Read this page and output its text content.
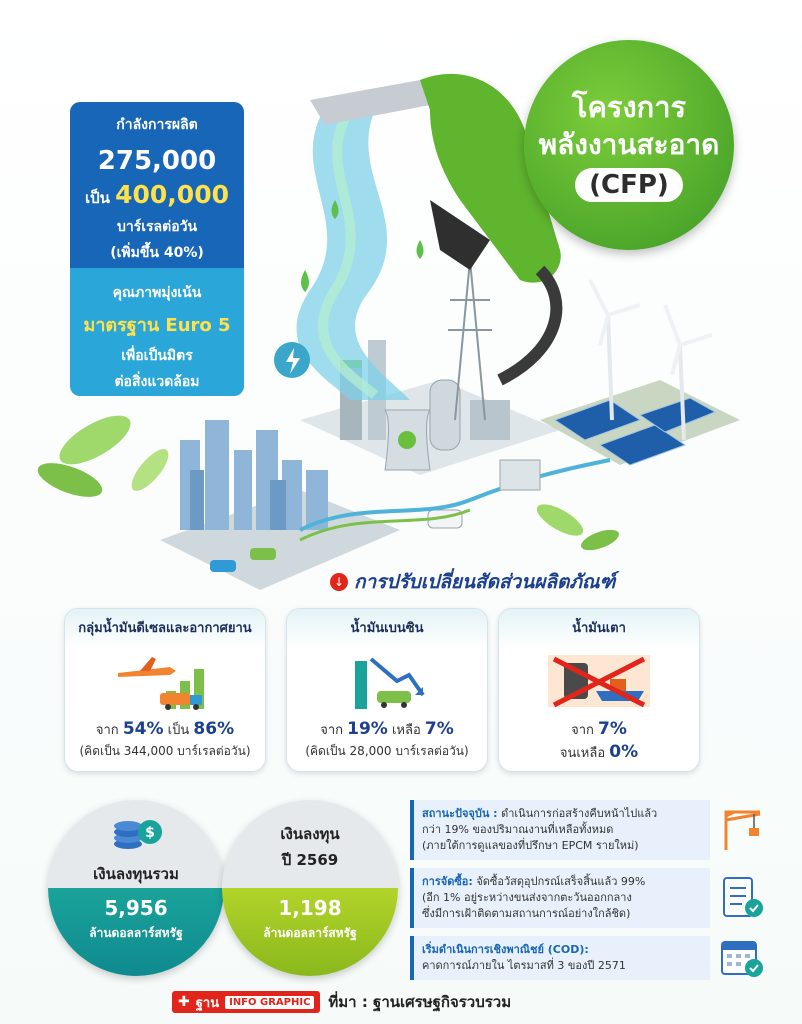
โครงการ
พลังงานสะอาด
(CFP)
กำลังการผลิต
275,000
เป็น 400,000
บาร์เรลต่อวัน
(เพิ่มขึ้น 40%)
คุณภาพมุ่งเน้น
มาตรฐาน Euro 5
เพื่อเป็นมิตร
ต่อสิ่งแวดล้อม
↓ การปรับเปลี่ยนสัดส่วนผลิตภัณฑ์
กลุ่มน้ำมันดีเซลและอากาศยาน
จาก 54% เป็น 86%
(คิดเป็น 344,000 บาร์เรลต่อวัน)
น้ำมันเบนซิน
จาก 19% เหลือ 7%
(คิดเป็น 28,000 บาร์เรลต่อวัน)
น้ำมันเตา
จาก 7%
จนเหลือ 0%
$
เงินลงทุนรวม
5,956
ล้านดอลลาร์สหรัฐ
เงินลงทุน
ปี 2569
1,198
ล้านดอลลาร์สหรัฐ
สถานะปัจจุบัน : ดำเนินการก่อสร้างคืบหน้าไปแล้ว
กว่า 19% ของปริมาณงานที่เหลือทั้งหมด
(ภายใต้การดูแลของที่ปรึกษา EPCM รายใหม่)
การจัดซื้อ: จัดซื้อวัสดุอุปกรณ์เสร็จสิ้นแล้ว 99%
(อีก 1% อยู่ระหว่างขนส่งจากตะวันออกกลาง
ซึ่งมีการเฝ้าติดตามสถานการณ์อย่างใกล้ชิด)
เริ่มดำเนินการเชิงพาณิชย์ (COD):
คาดการณ์ภายใน ไตรมาสที่ 3 ของปี 2571
✚ ฐาน	INFO GRAPHIC ที่มา : ฐานเศรษฐกิจรวบรวม
